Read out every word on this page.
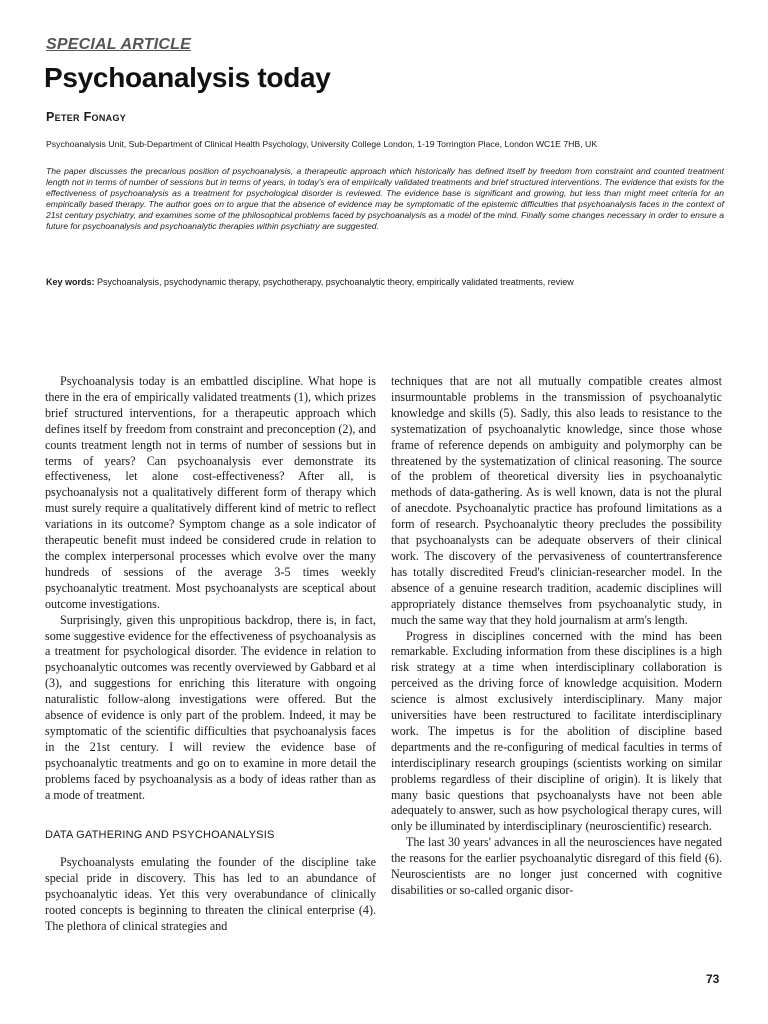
SPECIAL ARTICLE
Psychoanalysis today
Peter Fonagy
Psychoanalysis Unit, Sub-Department of Clinical Health Psychology, University College London, 1-19 Torrington Place, London WC1E 7HB, UK

The paper discusses the precarious position of psychoanalysis, a therapeutic approach which historically has defined itself by freedom from constraint and counted treatment length not in terms of number of sessions but in terms of years, in today's era of empirically validated treatments and brief structured interventions. The evidence that exists for the effectiveness of psychoanalysis as a treatment for psychological disorder is reviewed. The evidence base is significant and growing, but less than might meet criteria for an empirically based therapy. The author goes on to argue that the absence of evidence may be symptomatic of the epistemic difficulties that psychoanalysis faces in the context of 21st century psychiatry, and examines some of the philosophical problems faced by psychoanalysis as a model of the mind. Finally some changes necessary in order to ensure a future for psychoanalysis and psychoanalytic therapies within psychiatry are suggested.

Key words: Psychoanalysis, psychodynamic therapy, psychotherapy, psychoanalytic theory, empirically validated treatments, review

Psychoanalysis today is an embattled discipline. What hope is there in the era of empirically validated treatments (1), which prizes brief structured interventions, for a therapeutic approach which defines itself by freedom from constraint and preconception (2), and counts treatment length not in terms of number of sessions but in terms of years? Can psychoanalysis ever demonstrate its effectiveness, let alone cost-effectiveness? After all, is psychoanalysis not a qualitatively different form of therapy which must surely require a qualitatively different kind of metric to reflect variations in its outcome? Symptom change as a sole indicator of therapeutic benefit must indeed be considered crude in relation to the complex interpersonal processes which evolve over the many hundreds of sessions of the average 3-5 times weekly psychoanalytic treatment. Most psychoanalysts are sceptical about outcome investigations.

Surprisingly, given this unpropitious backdrop, there is, in fact, some suggestive evidence for the effectiveness of psychoanalysis as a treatment for psychological disorder. The evidence in relation to psychoanalytic outcomes was recently overviewed by Gabbard et al (3), and suggestions for enriching this literature with ongoing naturalistic follow-along investigations were offered. But the absence of evidence is only part of the problem. Indeed, it may be symptomatic of the scientific difficulties that psychoanalysis faces in the 21st century. I will review the evidence base of psychoanalytic treatments and go on to examine in more detail the problems faced by psychoanalysis as a body of ideas rather than as a mode of treatment.

DATA GATHERING AND PSYCHOANALYSIS

Psychoanalysts emulating the founder of the discipline take special pride in discovery. This has led to an abundance of psychoanalytic ideas. Yet this very overabundance of clinically rooted concepts is beginning to threaten the clinical enterprise (4). The plethora of clinical strategies and

techniques that are not all mutually compatible creates almost insurmountable problems in the transmission of psychoanalytic knowledge and skills (5). Sadly, this also leads to resistance to the systematization of psychoanalytic knowledge, since those whose frame of reference depends on ambiguity and polymorphy can be threatened by the systematization of clinical reasoning. The source of the problem of theoretical diversity lies in psychoanalytic methods of data-gathering. As is well known, data is not the plural of anecdote. Psychoanalytic practice has profound limitations as a form of research. Psychoanalytic theory precludes the possibility that psychoanalysts can be adequate observers of their clinical work. The discovery of the pervasiveness of countertransference has totally discredited Freud's clinician-researcher model. In the absence of a genuine research tradition, academic disciplines will appropriately distance themselves from psychoanalytic study, in much the same way that they hold journalism at arm's length.

Progress in disciplines concerned with the mind has been remarkable. Excluding information from these disciplines is a high risk strategy at a time when interdisciplinary collaboration is perceived as the driving force of knowledge acquisition. Modern science is almost exclusively interdisciplinary. Many major universities have been restructured to facilitate interdisciplinary work. The impetus is for the abolition of discipline based departments and the re-configuring of medical faculties in terms of interdisciplinary research groupings (scientists working on similar problems regardless of their discipline of origin). It is likely that many basic questions that psychoanalysts have not been able adequately to answer, such as how psychological therapy cures, will only be illuminated by interdisciplinary (neuroscientific) research.

The last 30 years' advances in all the neurosciences have negated the reasons for the earlier psychoanalytic disregard of this field (6). Neuroscientists are no longer just concerned with cognitive disabilities or so-called organic disor-

73
